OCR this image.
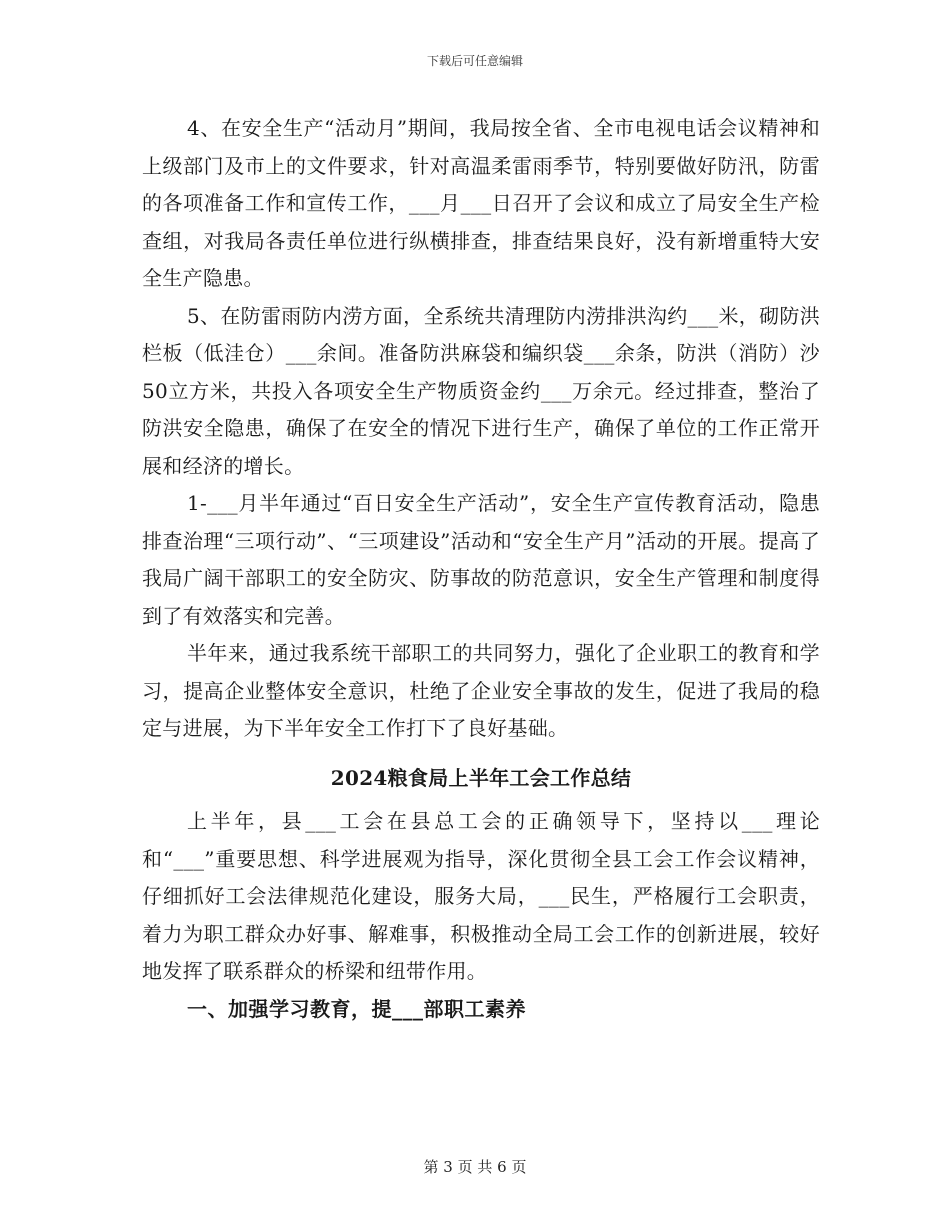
下载后可任意编辑

4、在安全生产“活动月”期间，我局按全省、全市电视电话会议精神和上级部门及市上的文件要求，针对高温柔雷雨季节，特别要做好防汛，防雷的各项准备工作和宣传工作，___月___日召开了会议和成立了局安全生产检查组，对我局各责任单位进行纵横排查，排查结果良好，没有新增重特大安全生产隐患。

5、在防雷雨防内涝方面，全系统共清理防内涝排洪沟约___米，砌防洪栏板（低洼仓）___余间。准备防洪麻袋和编织袋___余条，防洪（消防）沙50立方米，共投入各项安全生产物质资金约___万余元。经过排查，整治了防洪安全隐患，确保了在安全的情况下进行生产，确保了单位的工作正常开展和经济的增长。

1-___月半年通过“百日安全生产活动”，安全生产宣传教育活动，隐患排查治理“三项行动”、“三项建设”活动和“安全生产月”活动的开展。提高了我局广阔干部职工的安全防灾、防事故的防范意识，安全生产管理和制度得到了有效落实和完善。

半年来，通过我系统干部职工的共同努力，强化了企业职工的教育和学习，提高企业整体安全意识，杜绝了企业安全事故的发生，促进了我局的稳定与进展，为下半年安全工作打下了良好基础。

2024粮食局上半年工会工作总结

上半年，县___工会在县总工会的正确领导下，坚持以___理论和“___”重要思想、科学进展观为指导，深化贯彻全县工会工作会议精神，仔细抓好工会法律规范化建设，服务大局，___民生，严格履行工会职责，着力为职工群众办好事、解难事，积极推动全局工会工作的创新进展，较好地发挥了联系群众的桥梁和纽带作用。

一、加强学习教育，提___部职工素养
第 3 页 共 6 页
